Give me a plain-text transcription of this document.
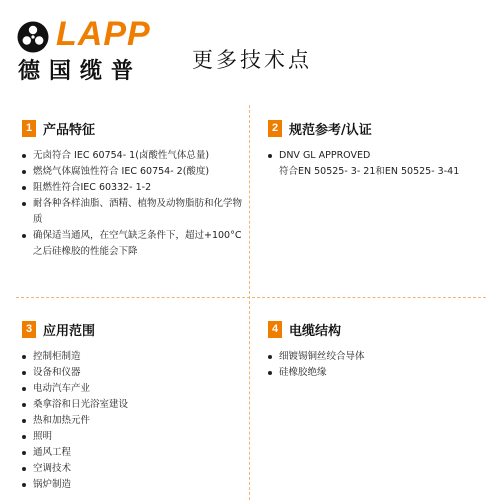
LAPP
德国缆普 更多技术点
1 产品特征
无卤符合 IEC 60754- 1(卤酸性气体总量)
燃烧气体腐蚀性符合 IEC 60754- 2(酸度)
阻燃性符合IEC 60332- 1-2
耐各种各样油脂、酒精、植物及动物脂肪和化学物质
确保适当通风，在空气缺乏条件下，超过+100°C之后硅橡胶的性能会下降
2 规范参考/认证
DNV GL APPROVED
符合EN 50525- 3- 21和EN 50525- 3-41
3 应用范围
控制柜制造
设备和仪器
电动汽车产业
桑拿浴和日光浴室建设
热和加热元件
照明
通风工程
空调技术
锅炉制造
4 电缆结构
细镀锡铜丝绞合导体
硅橡胶绝缘
